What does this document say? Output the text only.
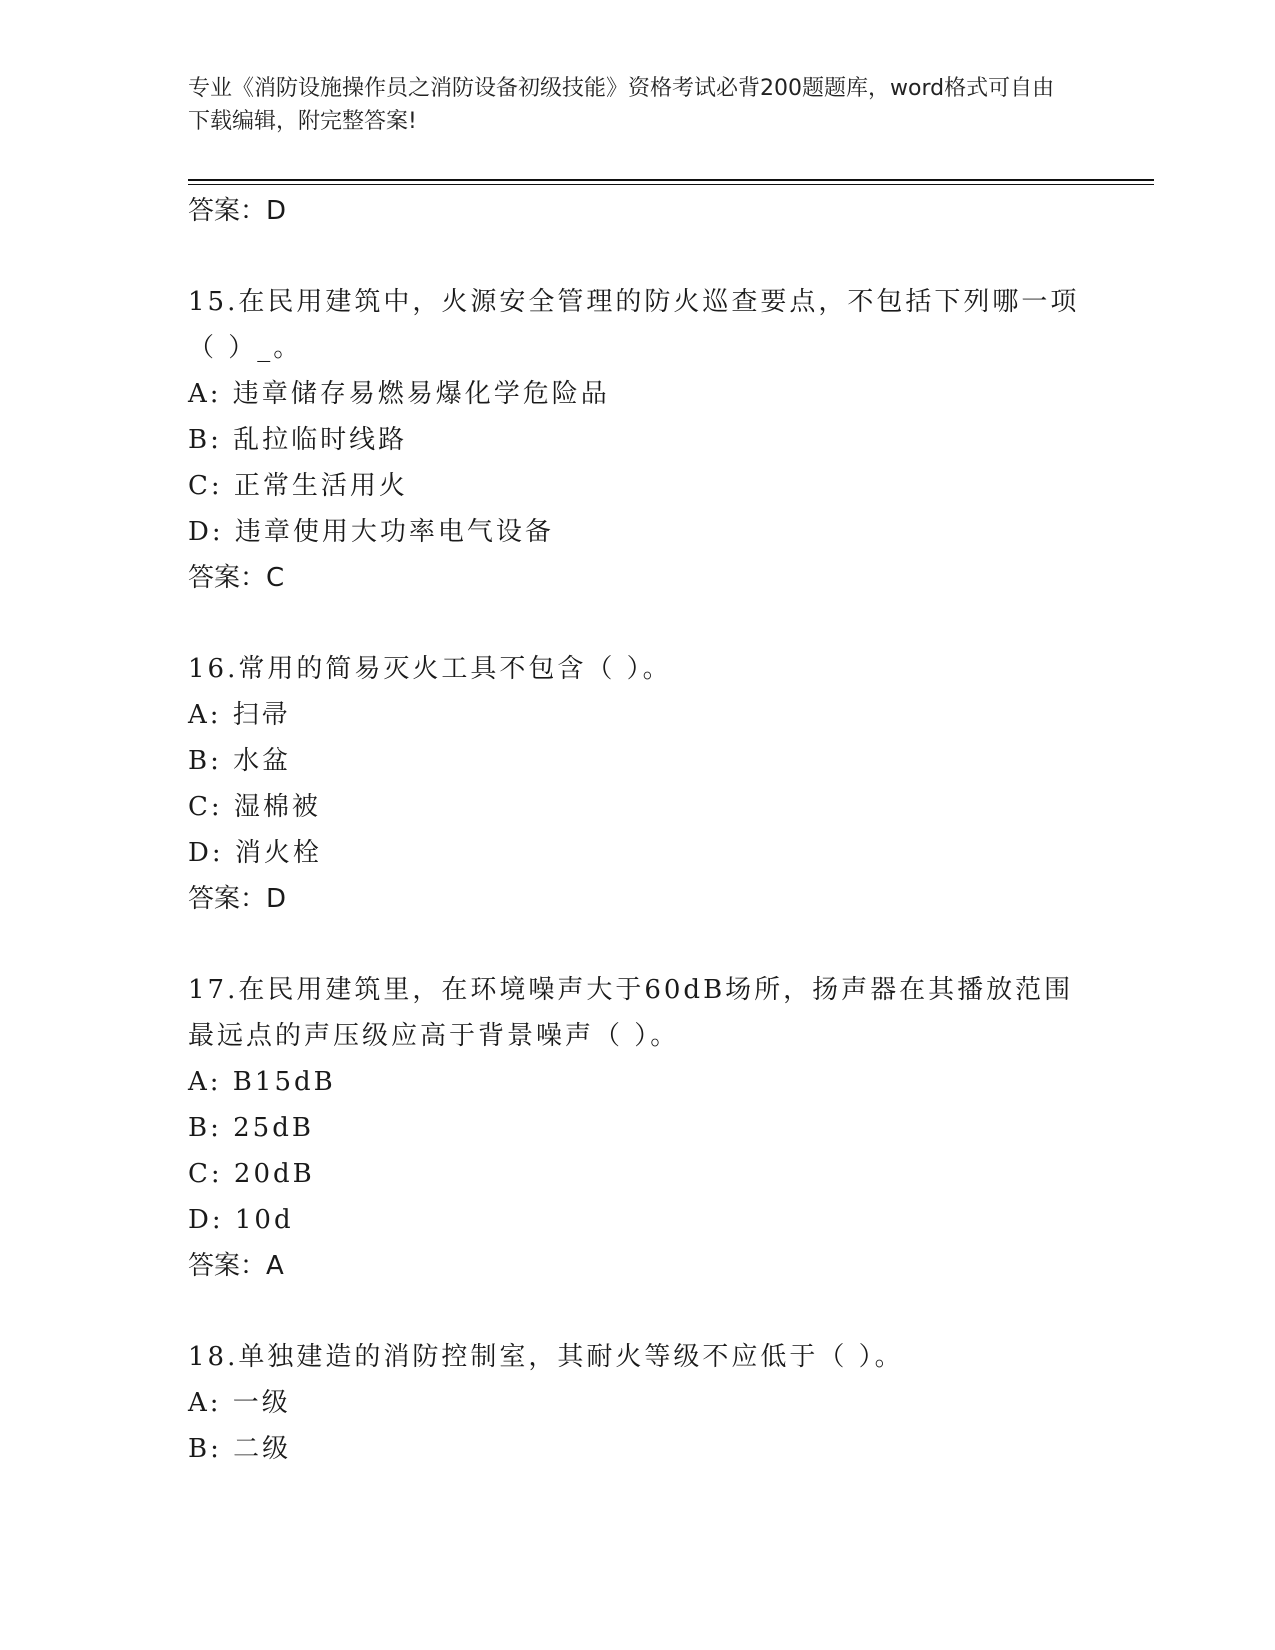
专业《消防设施操作员之消防设备初级技能》资格考试必背200题题库，word格式可自由下载编辑，附完整答案!

答案：D

15.在民用建筑中，火源安全管理的防火巡查要点，不包括下列哪一项

（ ）_。

A: 违章储存易燃易爆化学危险品

B: 乱拉临时线路

C: 正常生活用火

D: 违章使用大功率电气设备

答案：C

16.常用的简易灭火工具不包含（ ）。

A: 扫帚

B: 水盆

C: 湿棉被

D: 消火栓

答案：D

17.在民用建筑里，在环境噪声大于60dB场所，扬声器在其播放范围

最远点的声压级应高于背景噪声（ ）。

A: B15dB

B: 25dB

C: 20dB

D: 10d

答案：A

18.单独建造的消防控制室，其耐火等级不应低于（ ）。

A: 一级

B: 二级
